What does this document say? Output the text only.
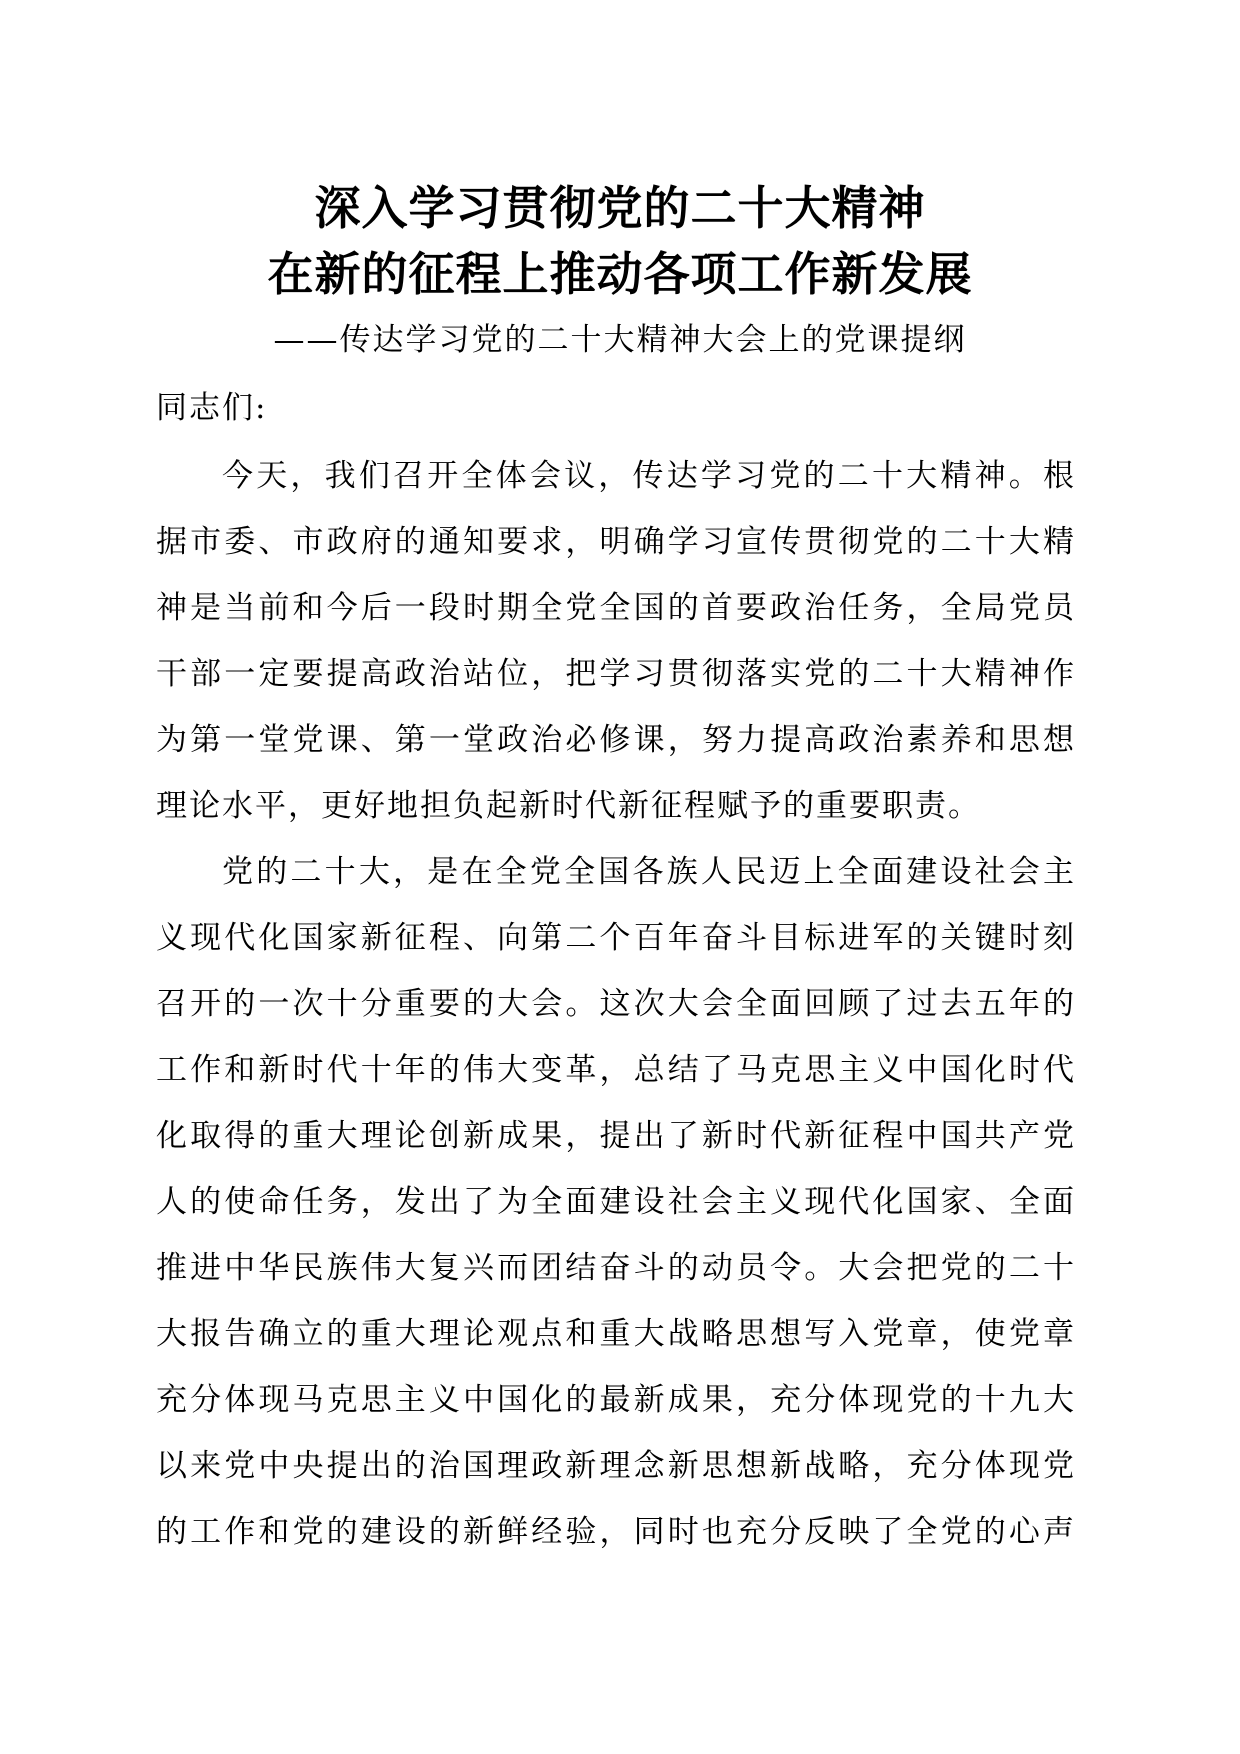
深入学习贯彻党的二十大精神
在新的征程上推动各项工作新发展
——传达学习党的二十大精神大会上的党课提纲
同志们:
今天，我们召开全体会议，传达学习党的二十大精神。根
据市委、市政府的通知要求，明确学习宣传贯彻党的二十大精
神是当前和今后一段时期全党全国的首要政治任务，全局党员
干部一定要提高政治站位，把学习贯彻落实党的二十大精神作
为第一堂党课、第一堂政治必修课，努力提高政治素养和思想
理论水平，更好地担负起新时代新征程赋予的重要职责。
党的二十大，是在全党全国各族人民迈上全面建设社会主
义现代化国家新征程、向第二个百年奋斗目标进军的关键时刻
召开的一次十分重要的大会。这次大会全面回顾了过去五年的
工作和新时代十年的伟大变革，总结了马克思主义中国化时代
化取得的重大理论创新成果，提出了新时代新征程中国共产党
人的使命任务，发出了为全面建设社会主义现代化国家、全面
推进中华民族伟大复兴而团结奋斗的动员令。大会把党的二十
大报告确立的重大理论观点和重大战略思想写入党章，使党章
充分体现马克思主义中国化的最新成果，充分体现党的十九大
以来党中央提出的治国理政新理念新思想新战略，充分体现党
的工作和党的建设的新鲜经验，同时也充分反映了全党的心声
